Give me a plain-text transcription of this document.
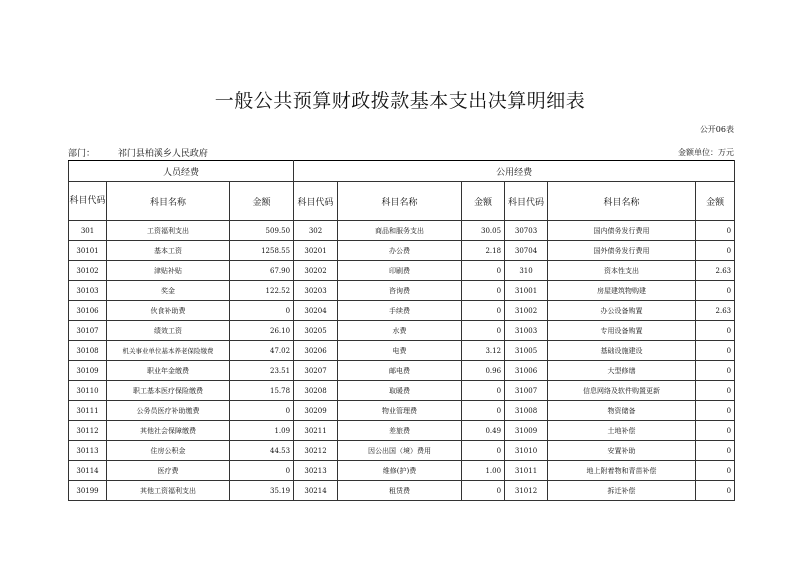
一般公共预算财政拨款基本支出决算明细表
公开06表
部门：	祁门县柏溪乡人民政府	金额单位：万元
人员经费			公用经费					
科目代码	科目名称	金额	科目代码	科目名称	金额	科目代码	科目名称	金额
301	工资福利支出	509.50	302	商品和服务支出	30.05	30703	国内债务发行费用	0
30101	基本工资	1258.55	30201	办公费	2.18	30704	国外债务发行费用	0
30102	津贴补贴	67.90	30202	印刷费	0	310	资本性支出	2.63
30103	奖金	122.52	30203	咨询费	0	31001	房屋建筑物购建	0
30106	伙食补助费	0	30204	手续费	0	31002	办公设备购置	2.63
30107	绩效工资	26.10	30205	水费	0	31003	专用设备购置	0
30108	机关事业单位基本养老保险缴费	47.02	30206	电费	3.12	31005	基础设施建设	0
30109	职业年金缴费	23.51	30207	邮电费	0.96	31006	大型修缮	0
30110	职工基本医疗保险缴费	15.78	30208	取暖费	0	31007	信息网络及软件购置更新	0
30111	公务员医疗补助缴费	0	30209	物业管理费	0	31008	物资储备	0
30112	其他社会保障缴费	1.09	30211	差旅费	0.49	31009	土地补偿	0
30113	住房公积金	44.53	30212	因公出国（境）费用	0	31010	安置补助	0
30114	医疗费	0	30213	维修(护)费	1.00	31011	地上附着物和青苗补偿	0
30199	其他工资福利支出	35.19	30214	租赁费	0	31012	拆迁补偿	0
